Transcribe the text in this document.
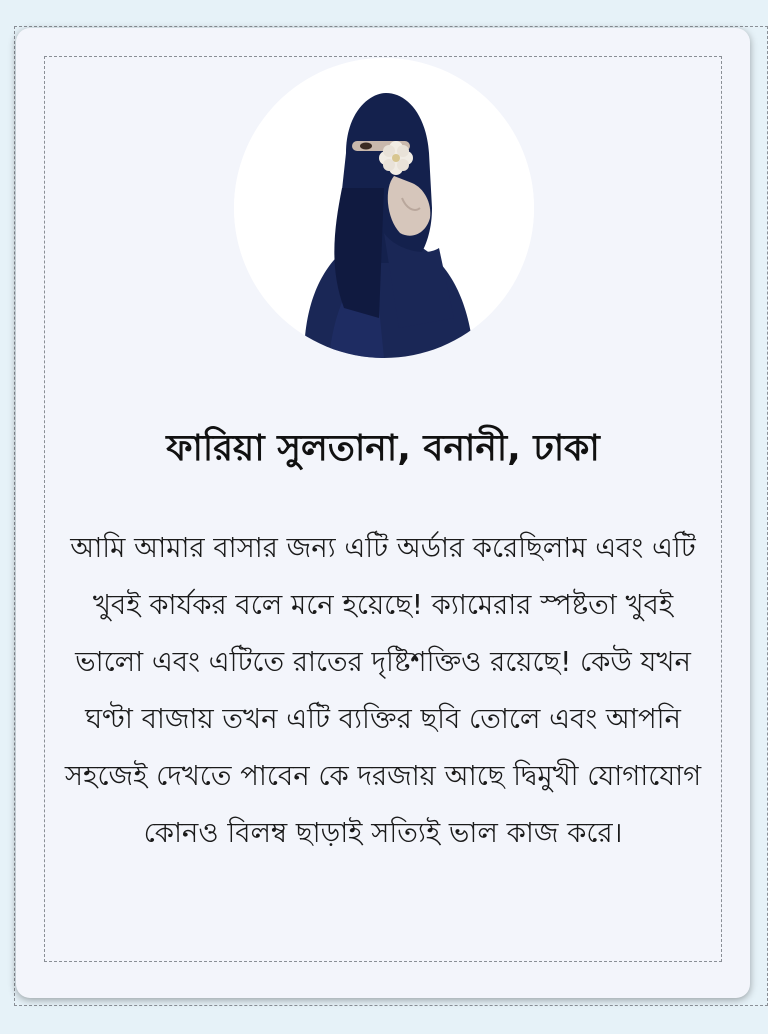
ফারিয়া সুলতানা, বনানী, ঢাকা

আমি আমার বাসার জন্য এটি অর্ডার করেছিলাম এবং এটি খুবই কার্যকর বলে মনে হয়েছে! ক্যামেরার স্পষ্টতা খুবই ভালো এবং এটিতে রাতের দৃষ্টিশক্তিও রয়েছে! কেউ যখন ঘণ্টা বাজায় তখন এটি ব্যক্তির ছবি তোলে এবং আপনি সহজেই দেখতে পাবেন কে দরজায় আছে দ্বিমুখী যোগাযোগ কোনও বিলম্ব ছাড়াই সত্যিই ভাল কাজ করে।
